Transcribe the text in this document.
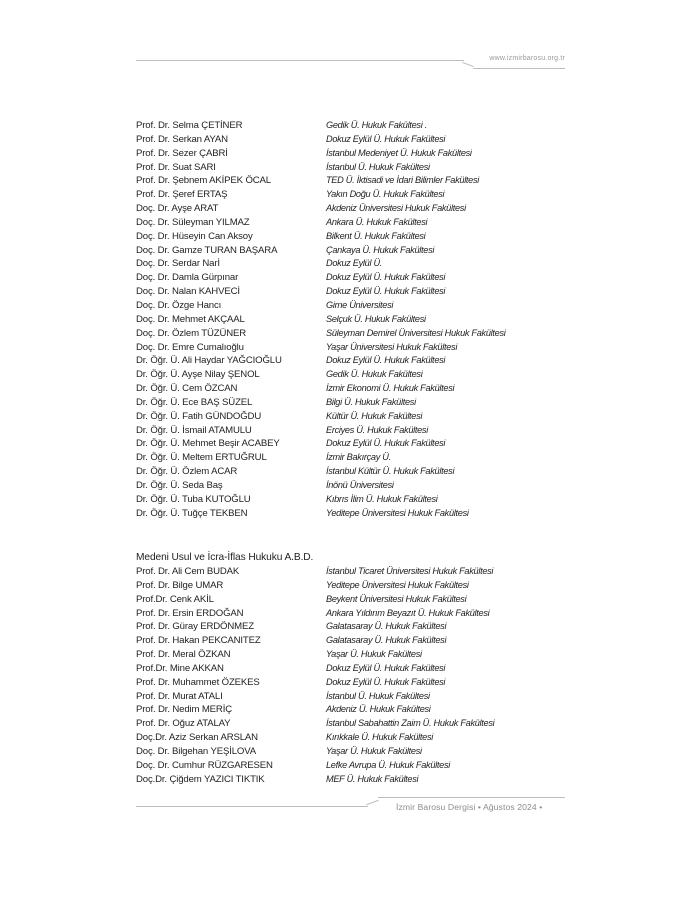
www.izmirbarosu.org.tr
Prof. Dr. Selma ÇETİNER	Gedik Ü. Hukuk Fakültesi .
Prof. Dr. Serkan AYAN	Dokuz Eylül Ü. Hukuk Fakültesi
Prof. Dr. Sezer ÇABRİ	İstanbul Medeniyet Ü. Hukuk Fakültesi
Prof. Dr. Suat SARI	İstanbul Ü. Hukuk Fakültesi
Prof. Dr. Şebnem AKİPEK ÖCAL	TED Ü. İktisadi ve İdari Bilimler Fakültesi
Prof. Dr. Şeref ERTAŞ	Yakın Doğu Ü. Hukuk Fakültesi
Doç. Dr. Ayşe ARAT	Akdeniz Üniversitesi Hukuk Fakültesi
Doç. Dr. Süleyman YILMAZ	Ankara Ü. Hukuk Fakültesi
Doç. Dr. Hüseyin Can Aksoy	Bilkent Ü. Hukuk Fakültesi
Doç. Dr. Gamze TURAN BAŞARA	Çankaya Ü. Hukuk Fakültesi
Doç. Dr. Serdar Narİ	Dokuz Eylül Ü.
Doç. Dr. Damla Gürpınar	Dokuz Eylül Ü. Hukuk Fakültesi
Doç. Dr. Nalan KAHVECİ	Dokuz Eylül Ü. Hukuk Fakültesi
Doç. Dr. Özge Hancı	Girne Üniversitesi
Doç. Dr. Mehmet AKÇAAL	Selçuk Ü. Hukuk Fakültesi
Doç. Dr. Özlem TÜZÜNER	Süleyman Demirel Üniversitesi Hukuk Fakültesi
Doç. Dr. Emre Cumalıoğlu	Yaşar Üniversitesi Hukuk Fakültesi
Dr. Öğr. Ü. Ali Haydar YAĞCIOĞLU	Dokuz Eylül Ü. Hukuk Fakültesi
Dr. Öğr. Ü. Ayşe Nilay ŞENOL	Gedik Ü. Hukuk Fakültesi
Dr. Öğr. Ü. Cem ÖZCAN	İzmir Ekonomi Ü. Hukuk Fakültesi
Dr. Öğr. Ü. Ece BAŞ SÜZEL	Bilgi Ü. Hukuk Fakültesi
Dr. Öğr. Ü. Fatih GÜNDOĞDU	Kültür Ü. Hukuk Fakültesi
Dr. Öğr. Ü. İsmail ATAMULU	Erciyes Ü. Hukuk Fakültesi
Dr. Öğr. Ü. Mehmet Beşir ACABEY	Dokuz Eylül Ü. Hukuk Fakültesi
Dr. Öğr. Ü. Meltem ERTUĞRUL	İzmir Bakırçay Ü.
Dr. Öğr. Ü. Özlem ACAR	İstanbul Kültür Ü. Hukuk Fakültesi
Dr. Öğr. Ü. Seda Baş	İnönü Üniversitesi
Dr. Öğr. Ü. Tuba KUTOĞLU	Kıbrıs İlim Ü. Hukuk Fakültesi
Dr. Öğr. Ü. Tuğçe TEKBEN	Yeditepe Üniversitesi Hukuk Fakültesi
Medeni Usul ve İcra-İflas Hukuku A.B.D.
Prof. Dr. Ali Cem BUDAK	İstanbul Ticaret Üniversitesi Hukuk Fakültesi
Prof. Dr. Bilge UMAR	Yeditepe Üniversitesi Hukuk Fakültesi
Prof.Dr. Cenk AKİL	Beykent Üniversitesi Hukuk Fakültesi
Prof. Dr. Ersin ERDOĞAN	Ankara Yıldırım Beyazıt Ü. Hukuk Fakültesi
Prof. Dr. Güray ERDÖNMEZ	Galatasaray Ü. Hukuk Fakültesi
Prof. Dr. Hakan PEKCANITEZ	Galatasaray Ü. Hukuk Fakültesi
Prof. Dr. Meral ÖZKAN	Yaşar Ü. Hukuk Fakültesi
Prof.Dr. Mine AKKAN	Dokuz Eylül Ü. Hukuk Fakültesi
Prof. Dr. Muhammet ÖZEKES	Dokuz Eylül Ü. Hukuk Fakültesi
Prof. Dr. Murat ATALI	İstanbul Ü. Hukuk Fakültesi
Prof. Dr. Nedim MERİÇ	Akdeniz Ü. Hukuk Fakültesi
Prof. Dr. Oğuz ATALAY	İstanbul Sabahattin Zaim Ü. Hukuk Fakültesi
Doç.Dr. Aziz Serkan ARSLAN	Kırıkkale Ü. Hukuk Fakültesi
Doç. Dr. Bilgehan YEŞİLOVA	Yaşar Ü. Hukuk Fakültesi
Doç. Dr. Cumhur RÜZGARESEN	Lefke Avrupa Ü. Hukuk Fakültesi
Doç.Dr. Çiğdem YAZICI TIKTIK	MEF Ü. Hukuk Fakültesi
İzmir Barosu Dergisi • Ağustos 2024 •
